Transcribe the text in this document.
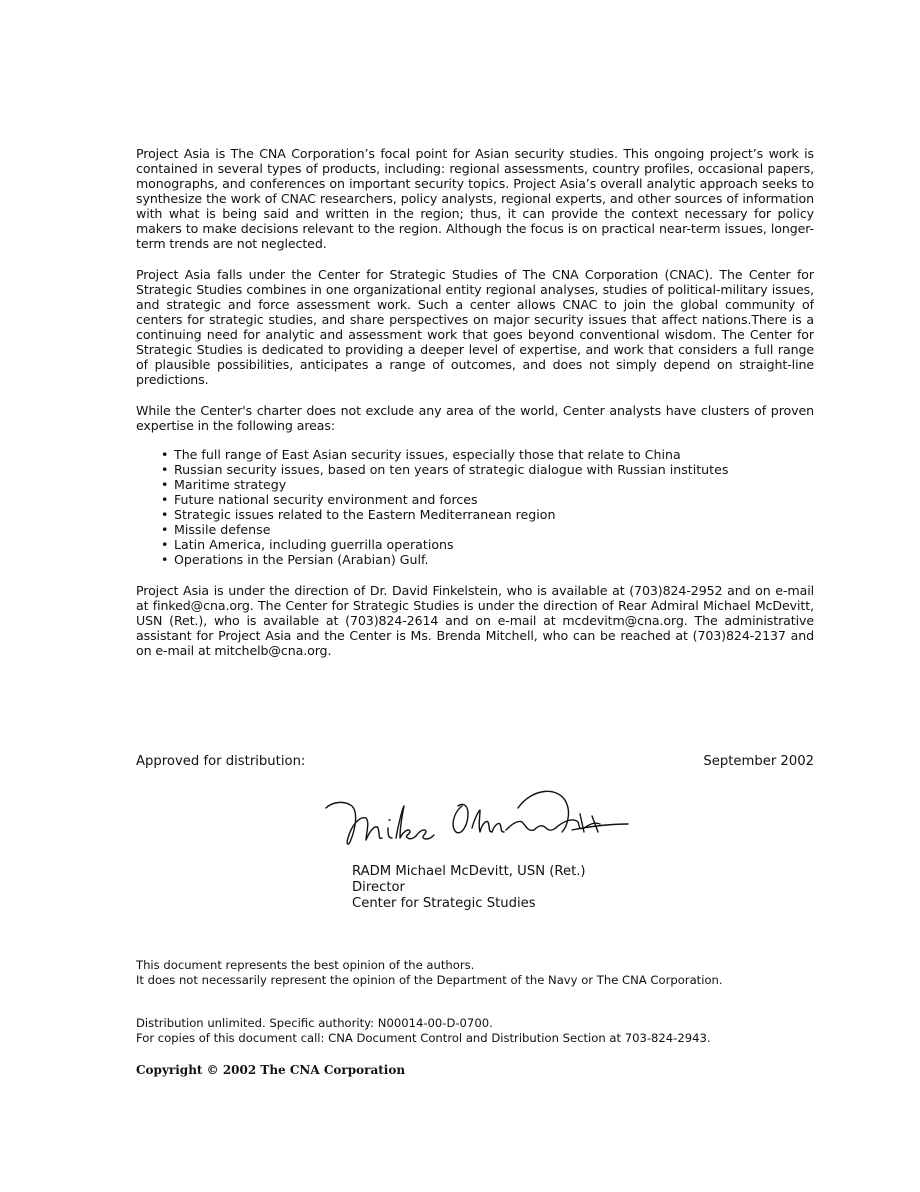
Project Asia is The CNA Corporation’s focal point for Asian security studies. This ongoing project’s work is contained in several types of products, including: regional assessments, country profiles, occasional papers, monographs, and conferences on important security topics. Project Asia’s overall analytic approach seeks to synthesize the work of CNAC researchers, policy analysts, regional experts, and other sources of information with what is being said and written in the region; thus, it can provide the context necessary for policy makers to make decisions relevant to the region. Although the focus is on practical near-term issues, longer-term trends are not neglected.

Project Asia falls under the Center for Strategic Studies of The CNA Corporation (CNAC). The Center for Strategic Studies combines in one organizational entity regional analyses, studies of political-military issues, and strategic and force assessment work. Such a center allows CNAC to join the global community of centers for strategic studies, and share perspectives on major security issues that affect nations.There is a continuing need for analytic and assessment work that goes beyond conventional wisdom. The Center for Strategic Studies is dedicated to providing a deeper level of expertise, and work that considers a full range of plausible possibilities, anticipates a range of outcomes, and does not simply depend on straight-line predictions.

While the Center's charter does not exclude any area of the world, Center analysts have clusters of proven expertise in the following areas:

• The full range of East Asian security issues, especially those that relate to China
• Russian security issues, based on ten years of strategic dialogue with Russian institutes
• Maritime strategy
• Future national security environment and forces
• Strategic issues related to the Eastern Mediterranean region
• Missile defense
• Latin America, including guerrilla operations
• Operations in the Persian (Arabian) Gulf.

Project Asia is under the direction of Dr. David Finkelstein, who is available at (703)824-2952 and on e-mail at finked@cna.org. The Center for Strategic Studies is under the direction of Rear Admiral Michael McDevitt, USN (Ret.), who is available at (703)824-2614 and on e-mail at mcdevitm@cna.org. The administrative assistant for Project Asia and the Center is Ms. Brenda Mitchell, who can be reached at (703)824-2137 and on e-mail at mitchelb@cna.org.

Approved for distribution:	September 2002
RADM Michael McDevitt, USN (Ret.)
Director
Center for Strategic Studies
This document represents the best opinion of the authors.
It does not necessarily represent the opinion of the Department of the Navy or The CNA Corporation.
Distribution unlimited. Specific authority: N00014-00-D-0700.
For copies of this document call: CNA Document Control and Distribution Section at 703-824-2943.
Copyright © 2002 The CNA Corporation
